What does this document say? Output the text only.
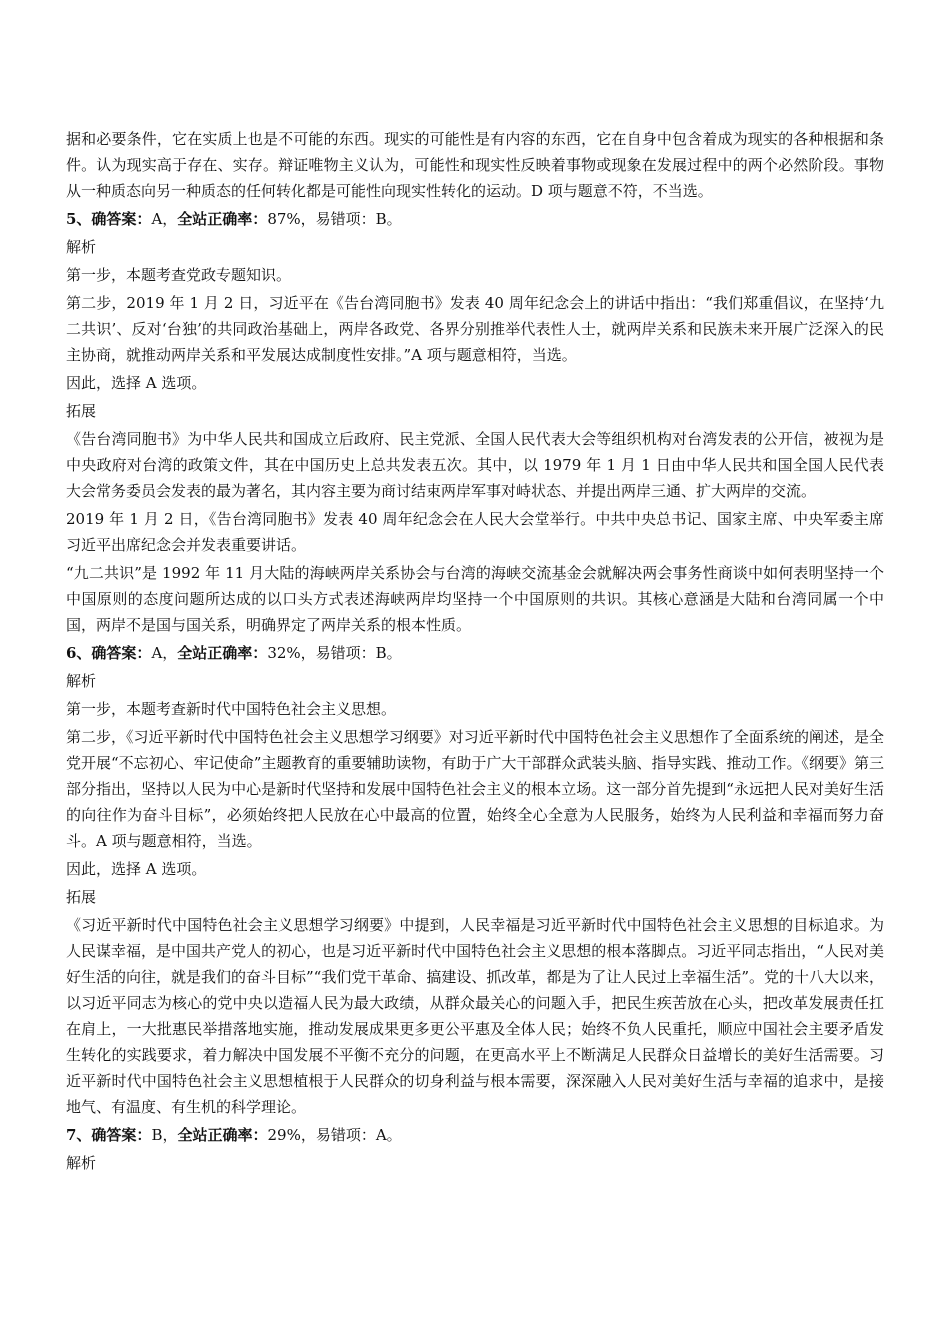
据和必要条件，它在实质上也是不可能的东西。现实的可能性是有内容的东西，它在自身中包含着成为现实的各种根据和条件。认为现实高于存在、实存。辩证唯物主义认为，可能性和现实性反映着事物或现象在发展过程中的两个必然阶段。事物从一种质态向另一种质态的任何转化都是可能性向现实性转化的运动。D 项与题意不符，不当选。

5、确答案：A，全站正确率：87%，易错项：B。

解析

第一步，本题考查党政专题知识。

第二步，2019 年 1 月 2 日，习近平在《告台湾同胞书》发表 40 周年纪念会上的讲话中指出：“我们郑重倡议，在坚持‘九二共识’、反对‘台独’的共同政治基础上，两岸各政党、各界分别推举代表性人士，就两岸关系和民族未来开展广泛深入的民主协商，就推动两岸关系和平发展达成制度性安排。”A 项与题意相符，当选。

因此，选择 A 选项。

拓展

《告台湾同胞书》为中华人民共和国成立后政府、民主党派、全国人民代表大会等组织机构对台湾发表的公开信，被视为是中央政府对台湾的政策文件，其在中国历史上总共发表五次。其中，以 1979 年 1 月 1 日由中华人民共和国全国人民代表大会常务委员会发表的最为著名，其内容主要为商讨结束两岸军事对峙状态、并提出两岸三通、扩大两岸的交流。

2019 年 1 月 2 日，《告台湾同胞书》发表 40 周年纪念会在人民大会堂举行。中共中央总书记、国家主席、中央军委主席习近平出席纪念会并发表重要讲话。

“九二共识”是 1992 年 11 月大陆的海峡两岸关系协会与台湾的海峡交流基金会就解决两会事务性商谈中如何表明坚持一个中国原则的态度问题所达成的以口头方式表述海峡两岸均坚持一个中国原则的共识。其核心意涵是大陆和台湾同属一个中国，两岸不是国与国关系，明确界定了两岸关系的根本性质。

6、确答案：A，全站正确率：32%，易错项：B。

解析

第一步，本题考查新时代中国特色社会主义思想。

第二步，《习近平新时代中国特色社会主义思想学习纲要》对习近平新时代中国特色社会主义思想作了全面系统的阐述，是全党开展“不忘初心、牢记使命”主题教育的重要辅助读物，有助于广大干部群众武装头脑、指导实践、推动工作。《纲要》第三部分指出，坚持以人民为中心是新时代坚持和发展中国特色社会主义的根本立场。这一部分首先提到“永远把人民对美好生活的向往作为奋斗目标”，必须始终把人民放在心中最高的位置，始终全心全意为人民服务，始终为人民利益和幸福而努力奋斗。A 项与题意相符，当选。

因此，选择 A 选项。

拓展

《习近平新时代中国特色社会主义思想学习纲要》中提到，人民幸福是习近平新时代中国特色社会主义思想的目标追求。为人民谋幸福，是中国共产党人的初心，也是习近平新时代中国特色社会主义思想的根本落脚点。习近平同志指出，“人民对美好生活的向往，就是我们的奋斗目标”“我们党干革命、搞建设、抓改革，都是为了让人民过上幸福生活”。党的十八大以来，以习近平同志为核心的党中央以造福人民为最大政绩，从群众最关心的问题入手，把民生疾苦放在心头，把改革发展责任扛在肩上，一大批惠民举措落地实施，推动发展成果更多更公平惠及全体人民；始终不负人民重托，顺应中国社会主要矛盾发生转化的实践要求，着力解决中国发展不平衡不充分的问题，在更高水平上不断满足人民群众日益增长的美好生活需要。习近平新时代中国特色社会主义思想植根于人民群众的切身利益与根本需要，深深融入人民对美好生活与幸福的追求中，是接地气、有温度、有生机的科学理论。

7、确答案：B，全站正确率：29%，易错项：A。

解析
